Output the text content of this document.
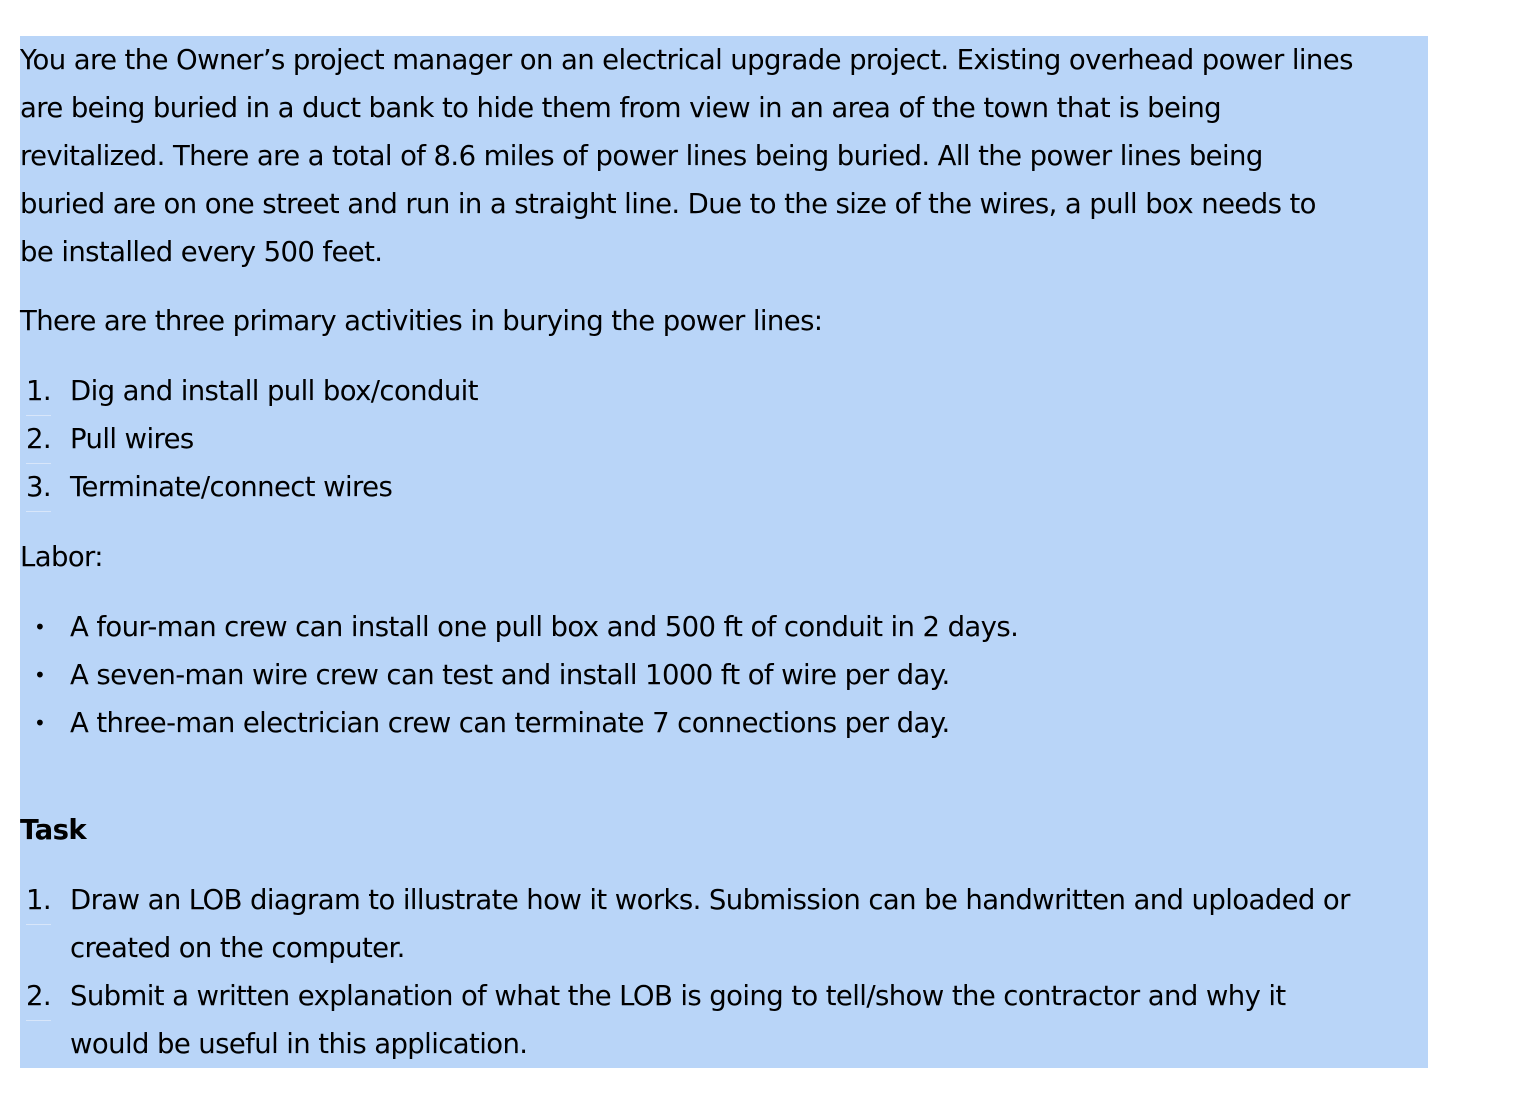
You are the Owner’s project manager on an electrical upgrade project. Existing overhead power lines
are being buried in a duct bank to hide them from view in an area of the town that is being
revitalized. There are a total of 8.6 miles of power lines being buried. All the power lines being
buried are on one street and run in a straight line. Due to the size of the wires, a pull box needs to
be installed every 500 feet.
There are three primary activities in burying the power lines:
1. Dig and install pull box/conduit
2. Pull wires
3. Terminate/connect wires
Labor:
• A four-man crew can install one pull box and 500 ft of conduit in 2 days.
• A seven-man wire crew can test and install 1000 ft of wire per day.
• A three-man electrician crew can terminate 7 connections per day.
Task
1. Draw an LOB diagram to illustrate how it works. Submission can be handwritten and uploaded or
created on the computer.
2. Submit a written explanation of what the LOB is going to tell/show the contractor and why it
would be useful in this application.
